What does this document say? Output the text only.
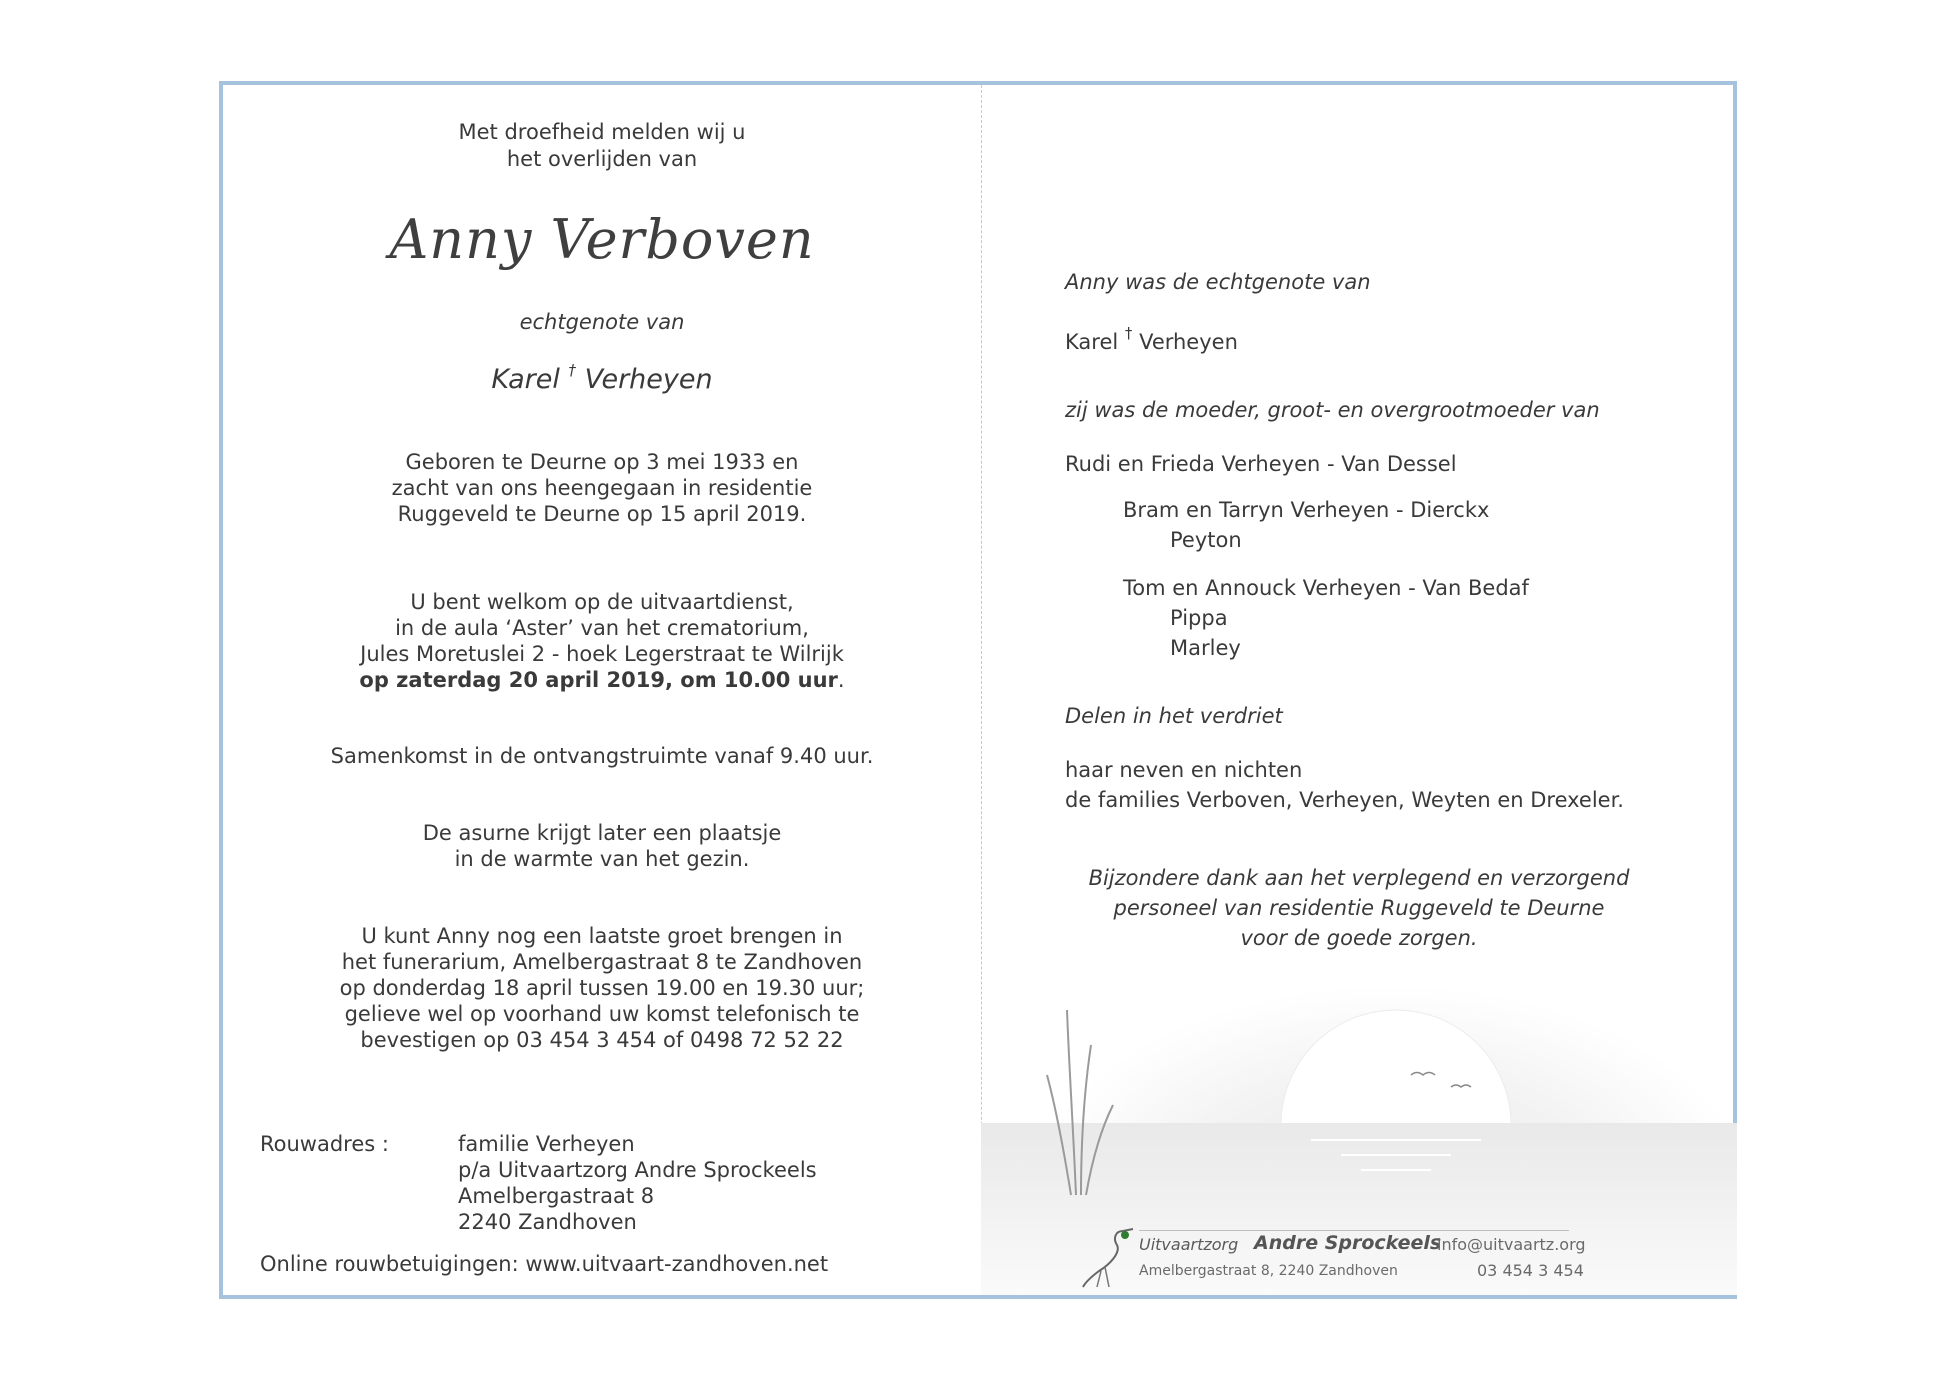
Met droefheid melden wij u
het overlijden van
Anny Verboven
echtgenote van
Karel † Verheyen
Geboren te Deurne op 3 mei 1933 en
zacht van ons heengegaan in residentie
Ruggeveld te Deurne op 15 april 2019.
U bent welkom op de uitvaartdienst,
in de aula ‘Aster’ van het crematorium,
Jules Moretuslei 2 - hoek Legerstraat te Wilrijk
op zaterdag 20 april 2019, om 10.00 uur.
Samenkomst in de ontvangstruimte vanaf 9.40 uur.
De asurne krijgt later een plaatsje
in de warmte van het gezin.
U kunt Anny nog een laatste groet brengen in
het funerarium, Amelbergastraat 8 te Zandhoven
op donderdag 18 april tussen 19.00 en 19.30 uur;
gelieve wel op voorhand uw komst telefonisch te
bevestigen op 03 454 3 454 of 0498 72 52 22
Rouwadres :	familie Verheyen
p/a Uitvaartzorg Andre Sprockeels
Amelbergastraat 8
2240 Zandhoven
Online rouwbetuigingen: www.uitvaart-zandhoven.net
Anny was de echtgenote van
Karel † Verheyen
zij was de moeder, groot- en overgrootmoeder van
Rudi en Frieda Verheyen - Van Dessel
Bram en Tarryn Verheyen - Dierckx
Peyton
Tom en Annouck Verheyen - Van Bedaf
Pippa
Marley
Delen in het verdriet
haar neven en nichten
de families Verboven, Verheyen, Weyten en Drexeler.
Bijzondere dank aan het verplegend en verzorgend
personeel van residentie Ruggeveld te Deurne
voor de goede zorgen.
Uitvaartzorg Andre Sprockeels
info@uitvaartz.org
Amelbergastraat 8, 2240 Zandhoven	03 454 3 454
